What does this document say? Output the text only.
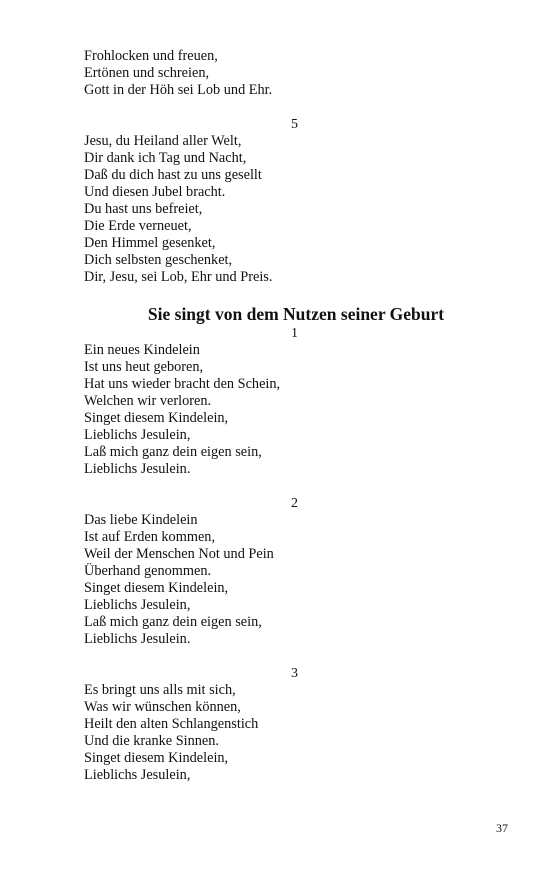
Frohlocken und freuen,
Ertönen und schreien,
Gott in der Höh sei Lob und Ehr.
5
Jesu, du Heiland aller Welt,
Dir dank ich Tag und Nacht,
Daß du dich hast zu uns gesellt
Und diesen Jubel bracht.
Du hast uns befreiet,
Die Erde verneuet,
Den Himmel gesenket,
Dich selbsten geschenket,
Dir, Jesu, sei Lob, Ehr und Preis.
Sie singt von dem Nutzen seiner Geburt
1
Ein neues Kindelein
Ist uns heut geboren,
Hat uns wieder bracht den Schein,
Welchen wir verloren.
Singet diesem Kindelein,
Lieblichs Jesulein,
Laß mich ganz dein eigen sein,
Lieblichs Jesulein.
2
Das liebe Kindelein
Ist auf Erden kommen,
Weil der Menschen Not und Pein
Überhand genommen.
Singet diesem Kindelein,
Lieblichs Jesulein,
Laß mich ganz dein eigen sein,
Lieblichs Jesulein.
3
Es bringt uns alls mit sich,
Was wir wünschen können,
Heilt den alten Schlangenstich
Und die kranke Sinnen.
Singet diesem Kindelein,
Lieblichs Jesulein,
37
